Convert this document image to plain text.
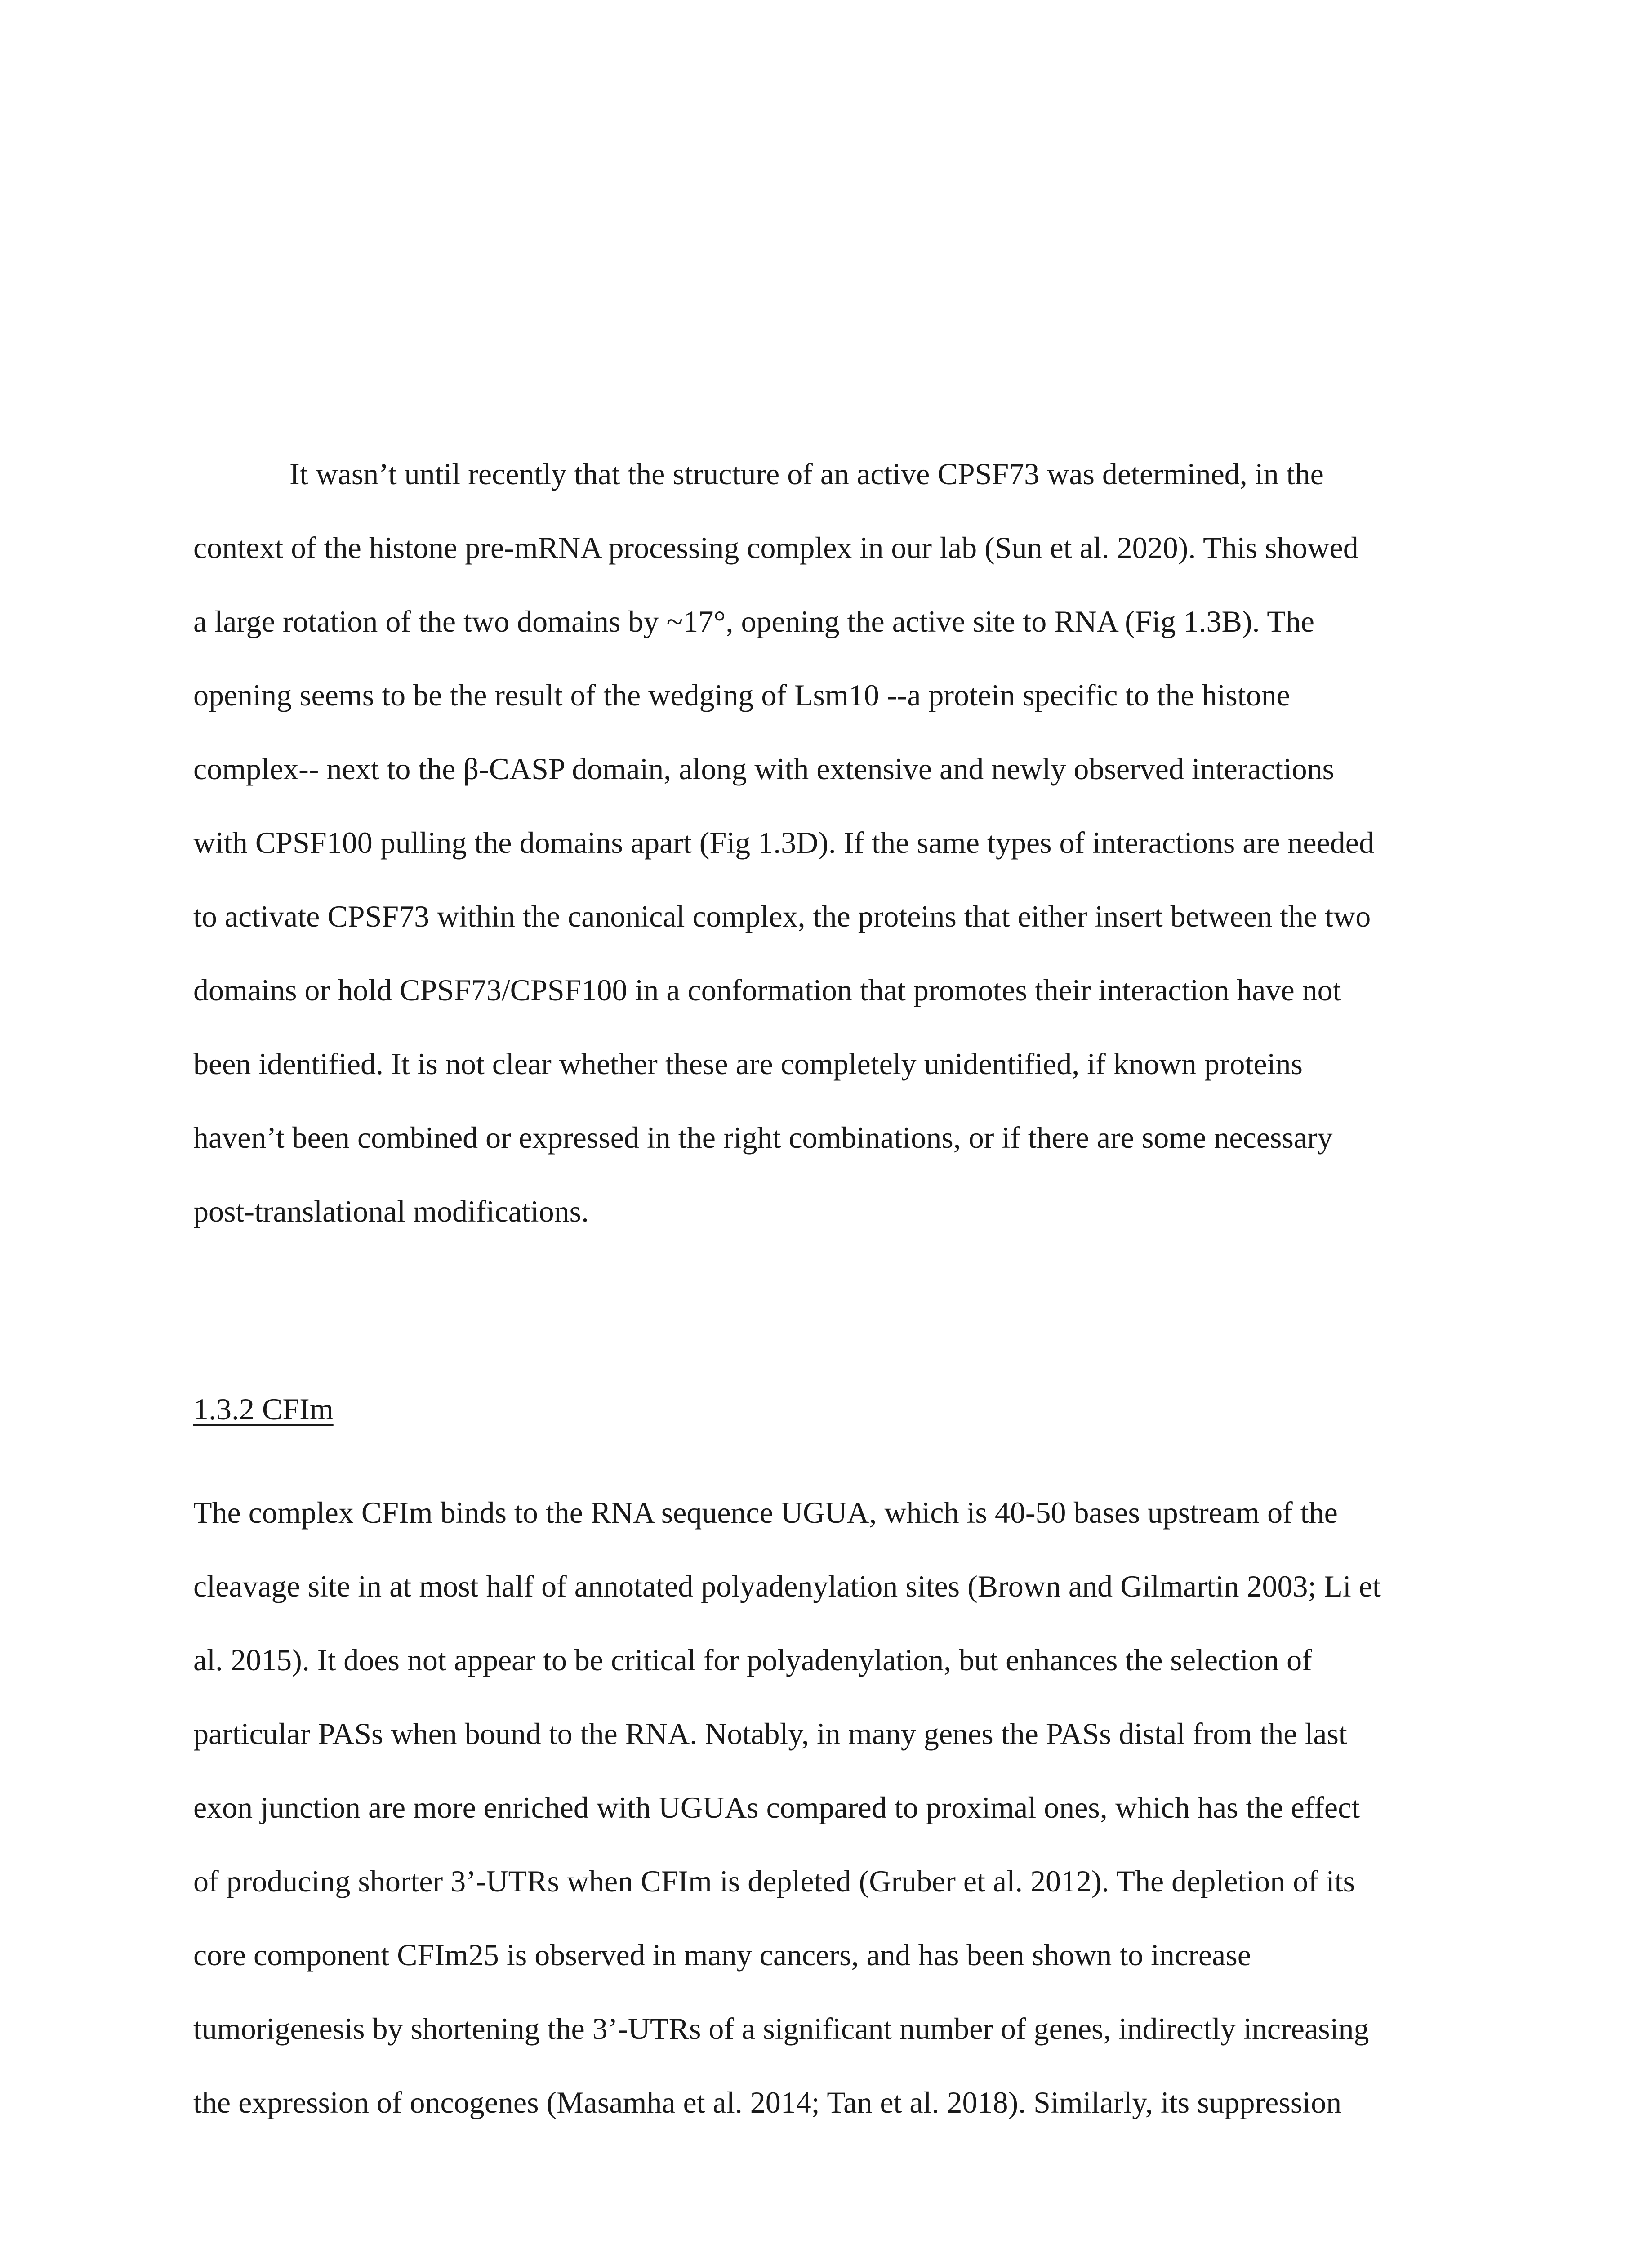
It wasn’t until recently that the structure of an active CPSF73 was determined, in the
context of the histone pre-mRNA processing complex in our lab (Sun et al. 2020). This showed
a large rotation of the two domains by ~17°, opening the active site to RNA (Fig 1.3B). The
opening seems to be the result of the wedging of Lsm10 --a protein specific to the histone
complex-- next to the β-CASP domain, along with extensive and newly observed interactions
with CPSF100 pulling the domains apart (Fig 1.3D). If the same types of interactions are needed
to activate CPSF73 within the canonical complex, the proteins that either insert between the two
domains or hold CPSF73/CPSF100 in a conformation that promotes their interaction have not
been identified. It is not clear whether these are completely unidentified, if known proteins
haven’t been combined or expressed in the right combinations, or if there are some necessary
post-translational modifications.
1.3.2 CFIm
The complex CFIm binds to the RNA sequence UGUA, which is 40-50 bases upstream of the
cleavage site in at most half of annotated polyadenylation sites (Brown and Gilmartin 2003; Li et
al. 2015). It does not appear to be critical for polyadenylation, but enhances the selection of
particular PASs when bound to the RNA. Notably, in many genes the PASs distal from the last
exon junction are more enriched with UGUAs compared to proximal ones, which has the effect
of producing shorter 3’-UTRs when CFIm is depleted (Gruber et al. 2012). The depletion of its
core component CFIm25 is observed in many cancers, and has been shown to increase
tumorigenesis by shortening the 3’-UTRs of a significant number of genes, indirectly increasing
the expression of oncogenes (Masamha et al. 2014; Tan et al. 2018). Similarly, its suppression
